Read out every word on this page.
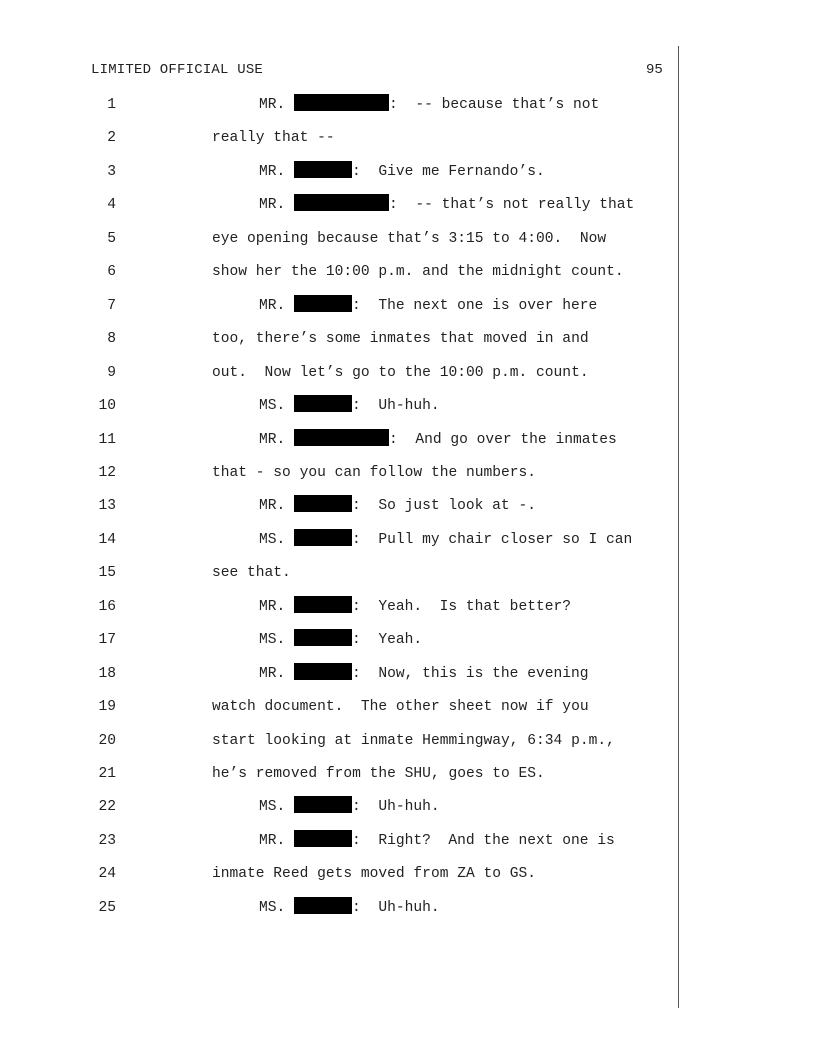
LIMITED OFFICIAL USE	95
1	MR.	:  -- because that’s not
2	really that --
3	MR.	:  Give me Fernando’s.
4	MR.	:  -- that’s not really that
5	eye opening because that’s 3:15 to 4:00.  Now
6	show her the 10:00 p.m. and the midnight count.
7	MR.	:  The next one is over here
8	too, there’s some inmates that moved in and
9	out.  Now let’s go to the 10:00 p.m. count.
10	MS.	:  Uh-huh.
11	MR.	:  And go over the inmates
12	that - so you can follow the numbers.
13	MR.	:  So just look at -.
14	MS.	:  Pull my chair closer so I can
15	see that.
16	MR.	:  Yeah.  Is that better?
17	MS.	:  Yeah.
18	MR.	:  Now, this is the evening
19	watch document.  The other sheet now if you
20	start looking at inmate Hemmingway, 6:34 p.m.,
21	he’s removed from the SHU, goes to ES.
22	MS.	:  Uh-huh.
23	MR.	:  Right?  And the next one is
24	inmate Reed gets moved from ZA to GS.
25	MS.	:  Uh-huh.
